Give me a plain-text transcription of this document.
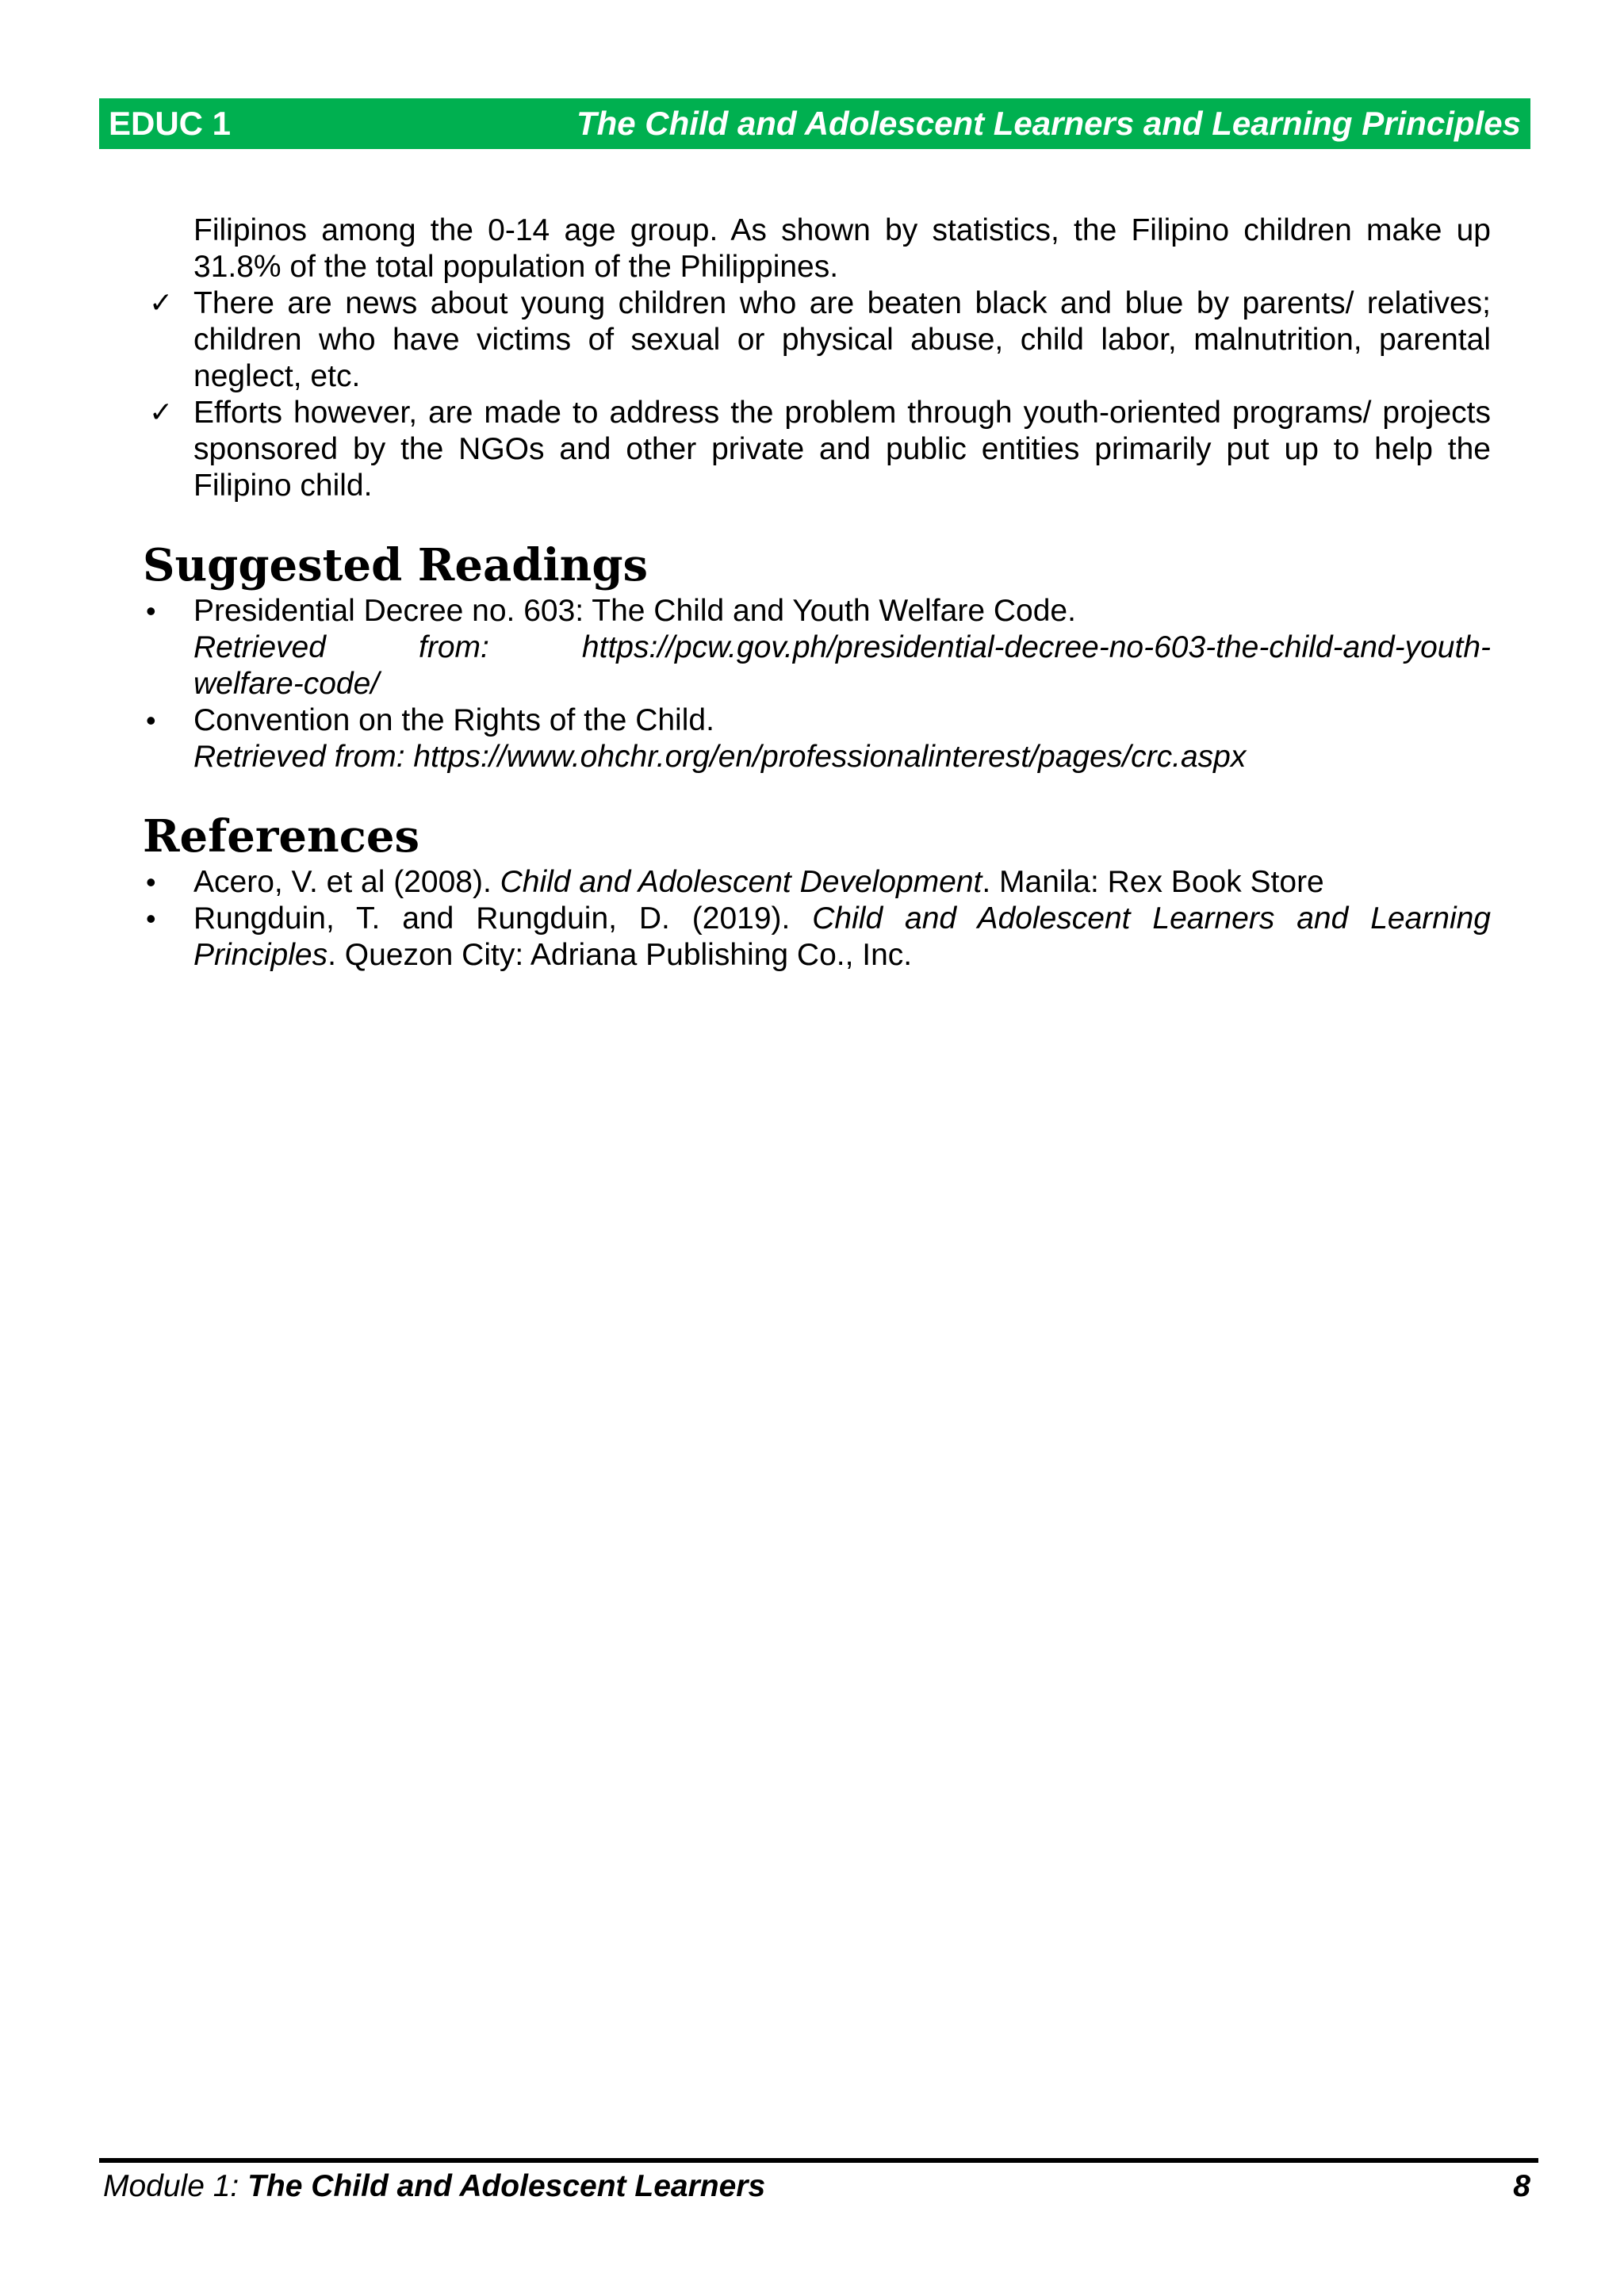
EDUC 1	The Child and Adolescent Learners and Learning Principles
Filipinos among the 0-14 age group. As shown by statistics, the Filipino children make up 31.8% of the total population of the Philippines.
✓ There are news about young children who are beaten black and blue by parents/ relatives; children who have victims of sexual or physical abuse, child labor, malnutrition, parental neglect, etc.
✓ Efforts however, are made to address the problem through youth-oriented programs/ projects sponsored by the NGOs and other private and public entities primarily put up to help the Filipino child.
Suggested Readings
• Presidential Decree no. 603: The Child and Youth Welfare Code.
Retrieved from: https://pcw.gov.ph/presidential-decree-no-603-the-child-and-youth-
welfare-code/
• Convention on the Rights of the Child.
Retrieved from: https://www.ohchr.org/en/professionalinterest/pages/crc.aspx
References
• Acero, V. et al (2008). Child and Adolescent Development. Manila: Rex Book Store
• Rungduin, T. and Rungduin, D. (2019). Child and Adolescent Learners and Learning Principles. Quezon City: Adriana Publishing Co., Inc.
Module 1: The Child and Adolescent Learners	8
